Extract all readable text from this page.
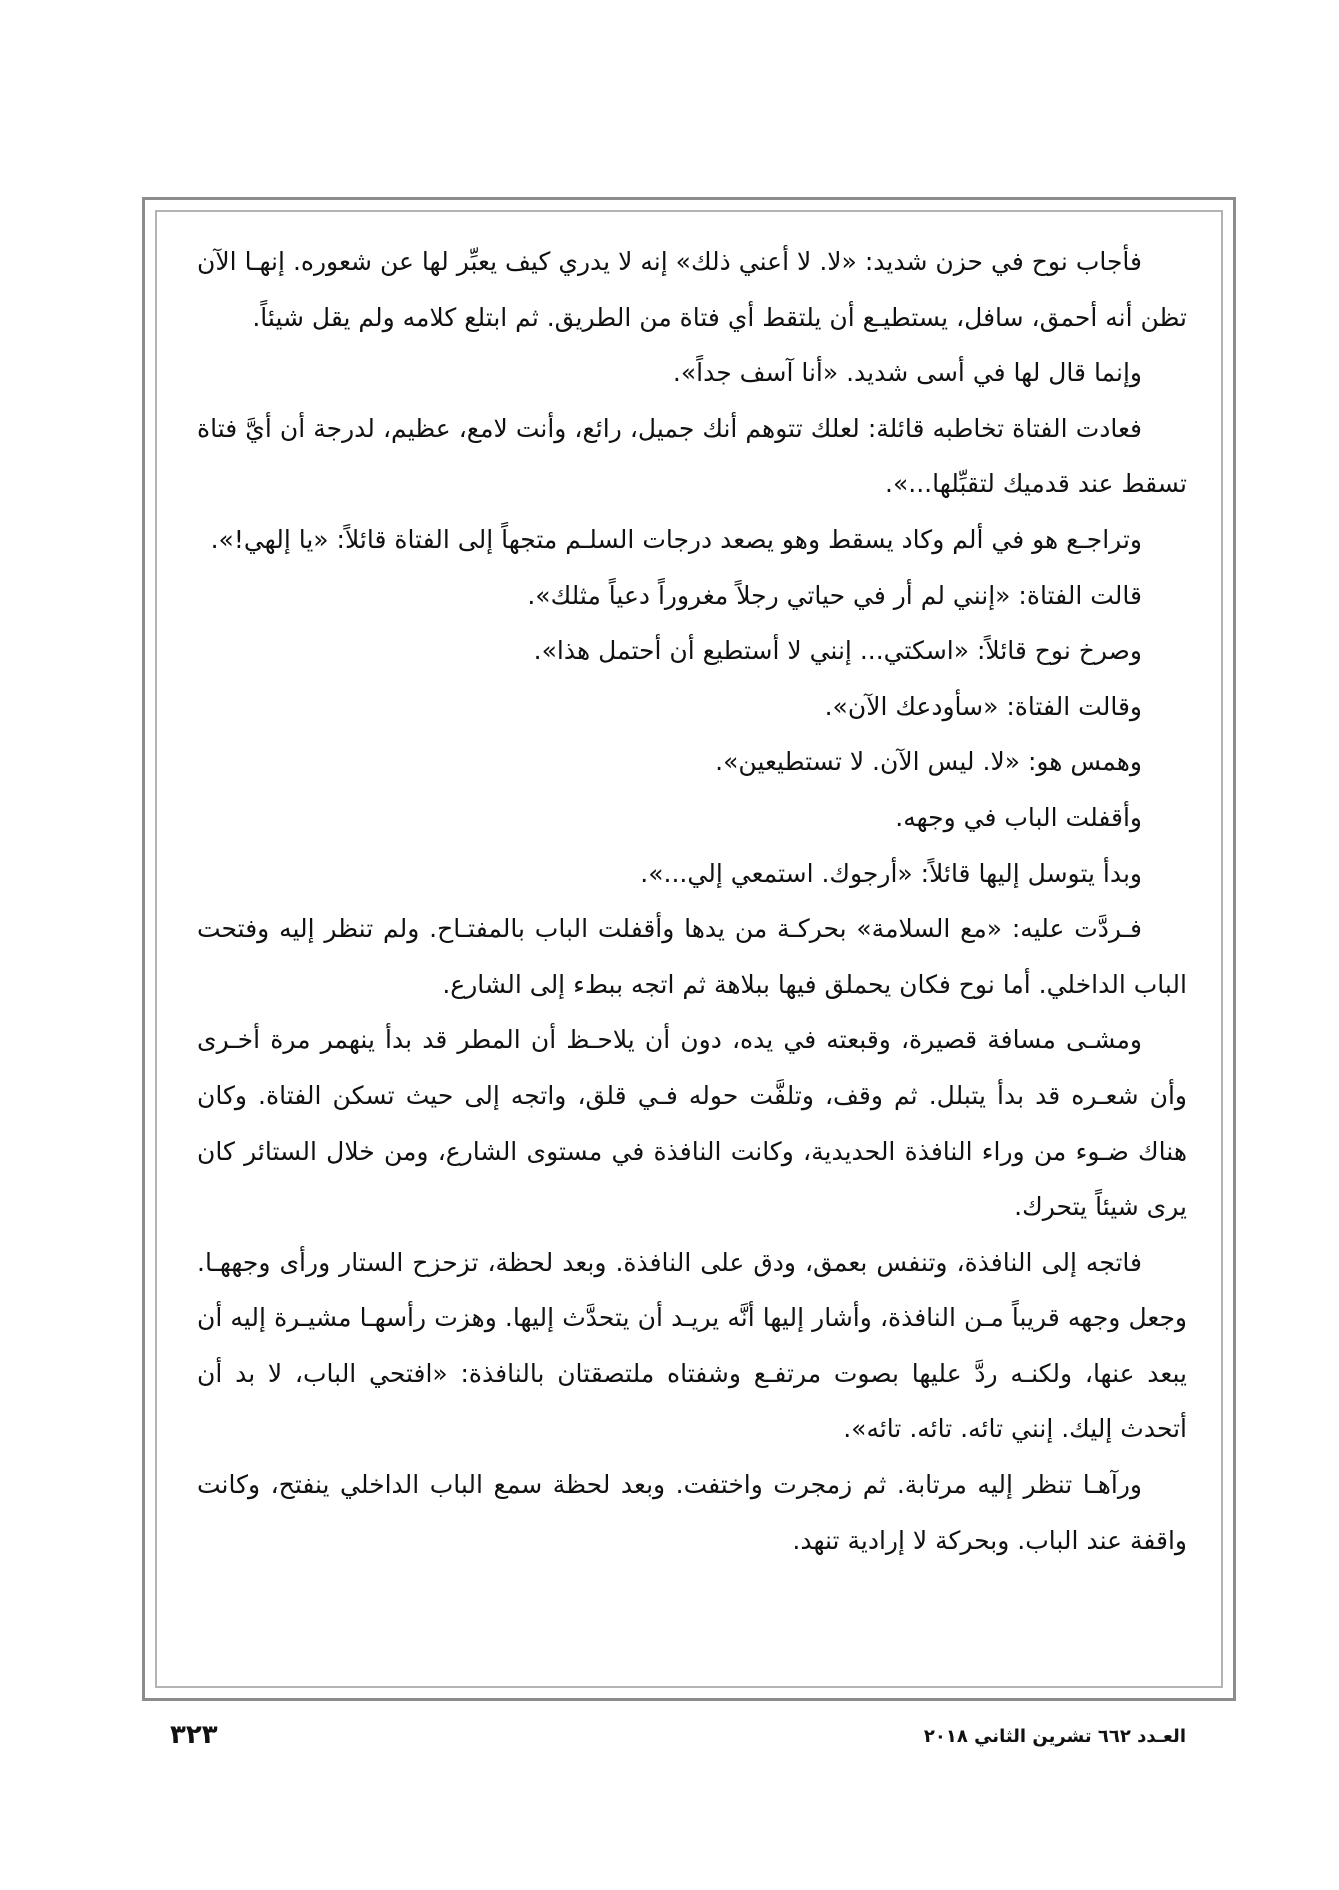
فأجاب نوح في حزن شديد: «لا. لا أعني ذلك» إنه لا يدري كيف يعبِّر لها عن شعوره. إنهـا الآن تظن أنه أحمق، سافل، يستطيـع أن يلتقط أي فتاة من الطريق. ثم ابتلع كلامه ولم يقل شيئاً.

وإنما قال لها في أسى شديد. «أنا آسف جداً».

فعادت الفتاة تخاطبه قائلة: لعلك تتوهم أنك جميل، رائع، وأنت لامع، عظيم، لدرجة أن أيَّ فتاة تسقط عند قدميك لتقبِّلها...».

وتراجـع هو في ألم وكاد يسقط وهو يصعد درجات السلـم متجهاً إلى الفتاة قائلاً: «يا إلهي!».

قالت الفتاة: «إنني لم أر في حياتي رجلاً مغروراً دعياً مثلك».

وصرخ نوح قائلاً: «اسكتي... إنني لا أستطيع أن أحتمل هذا».

وقالت الفتاة: «سأودعك الآن».

وهمس هو: «لا. ليس الآن. لا تستطيعين».

وأقفلت الباب في وجهه.

وبدأ يتوسل إليها قائلاً: «أرجوك. استمعي إلي...».

فـردَّت عليه: «مع السلامة» بحركـة من يدها وأقفلت الباب بالمفتـاح. ولم تنظر إليه وفتحت الباب الداخلي. أما نوح فكان يحملق فيها ببلاهة ثم اتجه ببطء إلى الشارع.

ومشـى مسافة قصيرة، وقبعته في يده، دون أن يلاحـظ أن المطر قد بدأ ينهمر مرة أخـرى وأن شعـره قد بدأ يتبلل. ثم وقف، وتلفَّت حوله فـي قلق، واتجه إلى حيث تسكن الفتاة. وكان هناك ضـوء من وراء النافذة الحديدية، وكانت النافذة في مستوى الشارع، ومن خلال الستائر كان يرى شيئاً يتحرك.

فاتجه إلى النافذة، وتنفس بعمق، ودق على النافذة. وبعد لحظة، تزحزح الستار ورأى وجههـا. وجعل وجهه قريباً مـن النافذة، وأشار إليها أنَّه يريـد أن يتحدَّث إليها. وهزت رأسهـا مشيـرة إليه أن يبعد عنها، ولكنـه ردَّ عليها بصوت مرتفـع وشفتاه ملتصقتان بالنافذة: «افتحي الباب، لا بد أن أتحدث إليك. إنني تائه. تائه. تائه».

ورآهـا تنظر إليه مرتابة. ثم زمجرت واختفت. وبعد لحظة سمع الباب الداخلي ينفتح، وكانت واقفة عند الباب. وبحركة لا إرادية تنهد.

٣٢٣	العـدد ٦٦٢ تشرين الثاني ٢٠١٨
